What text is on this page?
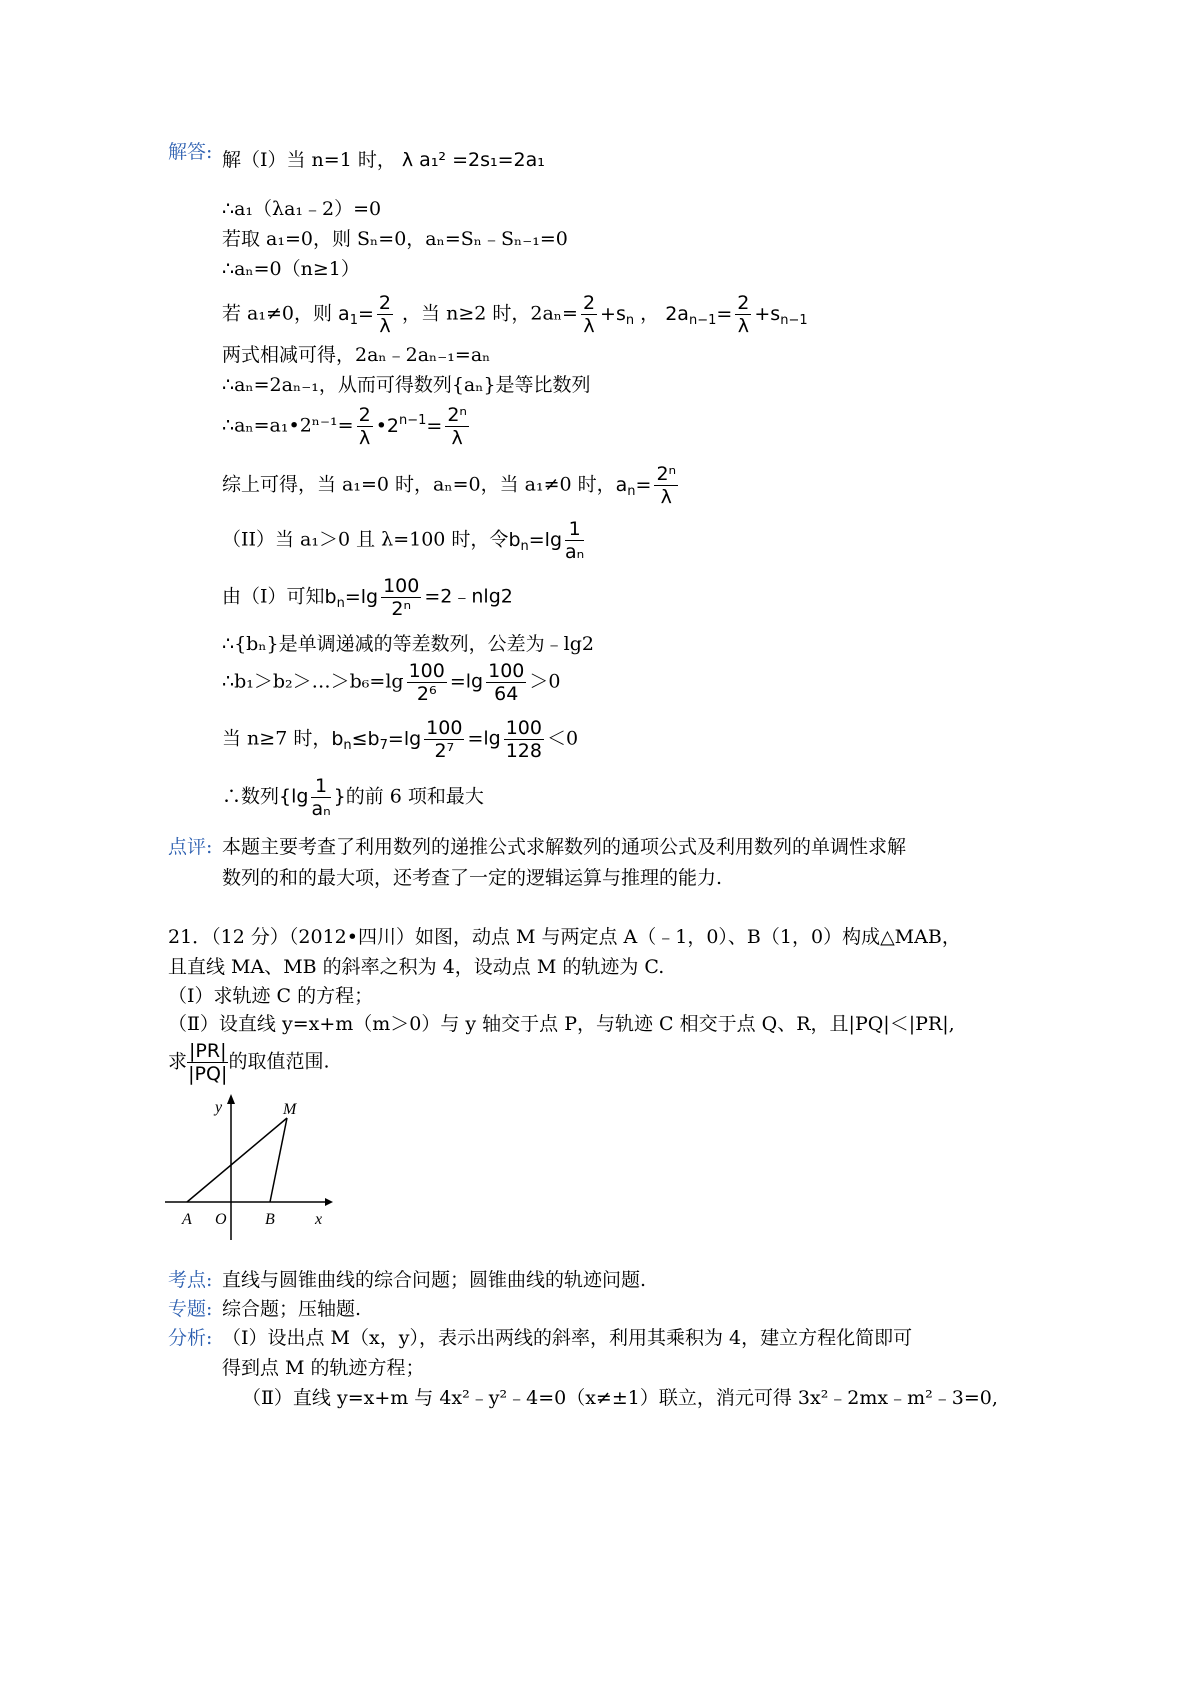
解答: 解（I）当 n=1 时， λ a₁² =2s₁=2a₁
∴a₁（λa₁﹣2）=0
若取 a₁=0，则 Sₙ=0，aₙ=Sₙ﹣Sₙ₋₁=0
∴aₙ=0（n≥1）
若 a₁≠0，则 $a_1= \frac{2}{\lambda}$ ，当 n≥2 时，$2a_n= \frac{2}{\lambda} +s_n$ ， $2a_{n-1}= \frac{2}{\lambda} +s_{n-1}$
两式相减可得，2aₙ﹣2aₙ₋₁=aₙ
∴aₙ=2aₙ₋₁，从而可得数列{aₙ}是等比数列
∴aₙ=a₁•2ⁿ⁻¹= $\frac{2}{\lambda}$ $•2^{n-1}= \frac{\text{2ⁿ}}{\lambda}$
综上可得，当 a₁=0 时，aₙ=0，当 a₁≠0 时，$a_n= \frac{\text{2ⁿ}}{\lambda}$
（II）当 a₁＞0 且 λ=100 时，令$b_n=\lg \frac{1}{\text{aₙ}}$
由（I）可知$b_n=\lg \frac{100}{\text{2ⁿ}}$ =2﹣nlg2
∴{bₙ}是单调递减的等差数列，公差为﹣lg2
∴b₁＞b₂＞…＞b₆=lg $\frac{100}{\text{2⁶}} =\lg \frac{100}{64} >0$
当 n≥7 时，$b_n\le b_7=\lg \frac{100}{\text{2⁷}} =\lg \frac{100}{128} <0$
∴数列{$\lg \frac{1}{\text{aₙ}}$ }的前 6 项和最大
点评: 本题主要考查了利用数列的递推公式求解数列的通项公式及利用数列的单调性求解
数列的和的最大项，还考查了一定的逻辑运算与推理的能力.
21．（12 分）（2012•四川）如图，动点 M 与两定点 A（﹣1，0）、B（1，0）构成△MAB，
且直线 MA、MB 的斜率之积为 4，设动点 M 的轨迹为 C.
（Ⅰ）求轨迹 C 的方程；
（Ⅱ）设直线 y=x+m（m＞0）与 y 轴交于点 P，与轨迹 C 相交于点 Q、R，且|PQ|＜|PR|,
求 $\frac{|PR|}{|PQ|}$ 的取值范围.
y	M
A O B	x
考点: 直线与圆锥曲线的综合问题；圆锥曲线的轨迹问题.
专题: 综合题；压轴题.
分析: （Ⅰ）设出点 M（x，y），表示出两线的斜率，利用其乘积为 4，建立方程化简即可
得到点 M 的轨迹方程；
（Ⅱ）直线 y=x+m 与 4x²﹣y²﹣4=0（x≠±1）联立，消元可得 3x²﹣2mx﹣m²﹣3=0,
